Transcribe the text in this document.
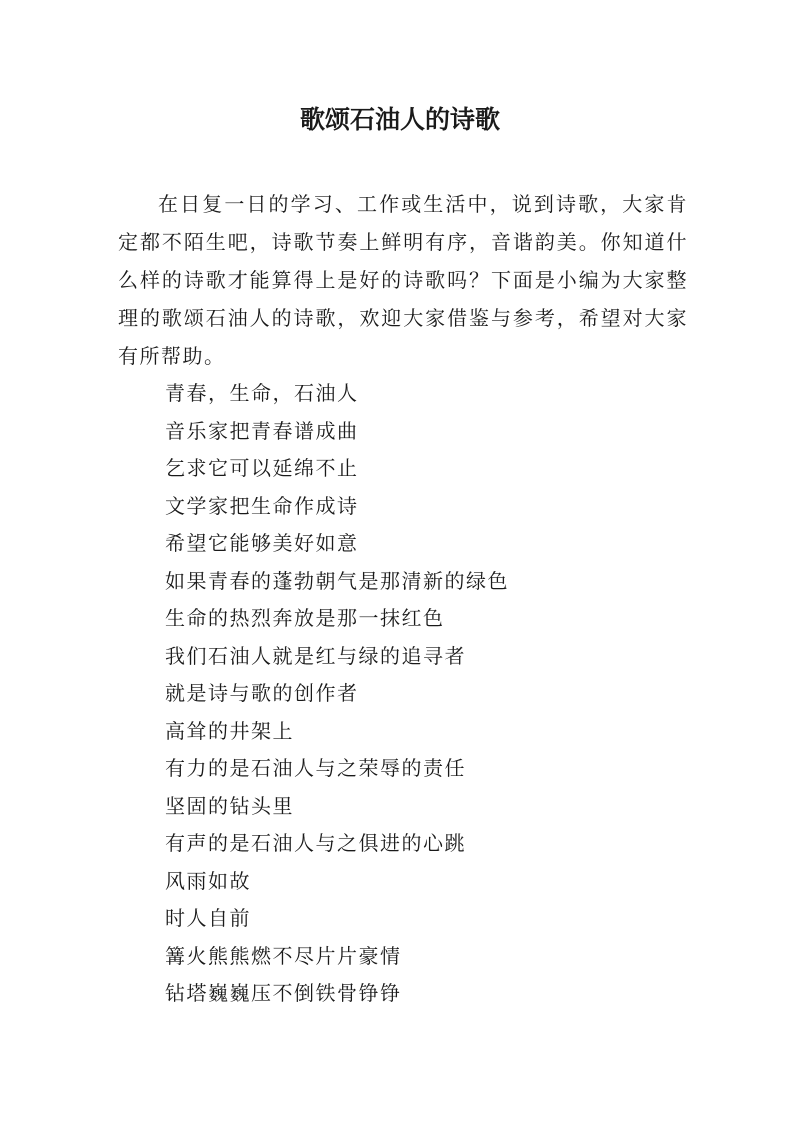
歌颂石油人的诗歌

在日复一日的学习、工作或生活中，说到诗歌，大家肯定都不陌生吧，诗歌节奏上鲜明有序，音谐韵美。你知道什么样的诗歌才能算得上是好的诗歌吗？下面是小编为大家整理的歌颂石油人的诗歌，欢迎大家借鉴与参考，希望对大家有所帮助。

青春，生命，石油人
音乐家把青春谱成曲
乞求它可以延绵不止
文学家把生命作成诗
希望它能够美好如意
如果青春的蓬勃朝气是那清新的绿色
生命的热烈奔放是那一抹红色
我们石油人就是红与绿的追寻者
就是诗与歌的创作者
高耸的井架上
有力的是石油人与之荣辱的责任
坚固的钻头里
有声的是石油人与之俱进的心跳
风雨如故
时人自前
篝火熊熊燃不尽片片豪情
钻塔巍巍压不倒铁骨铮铮
